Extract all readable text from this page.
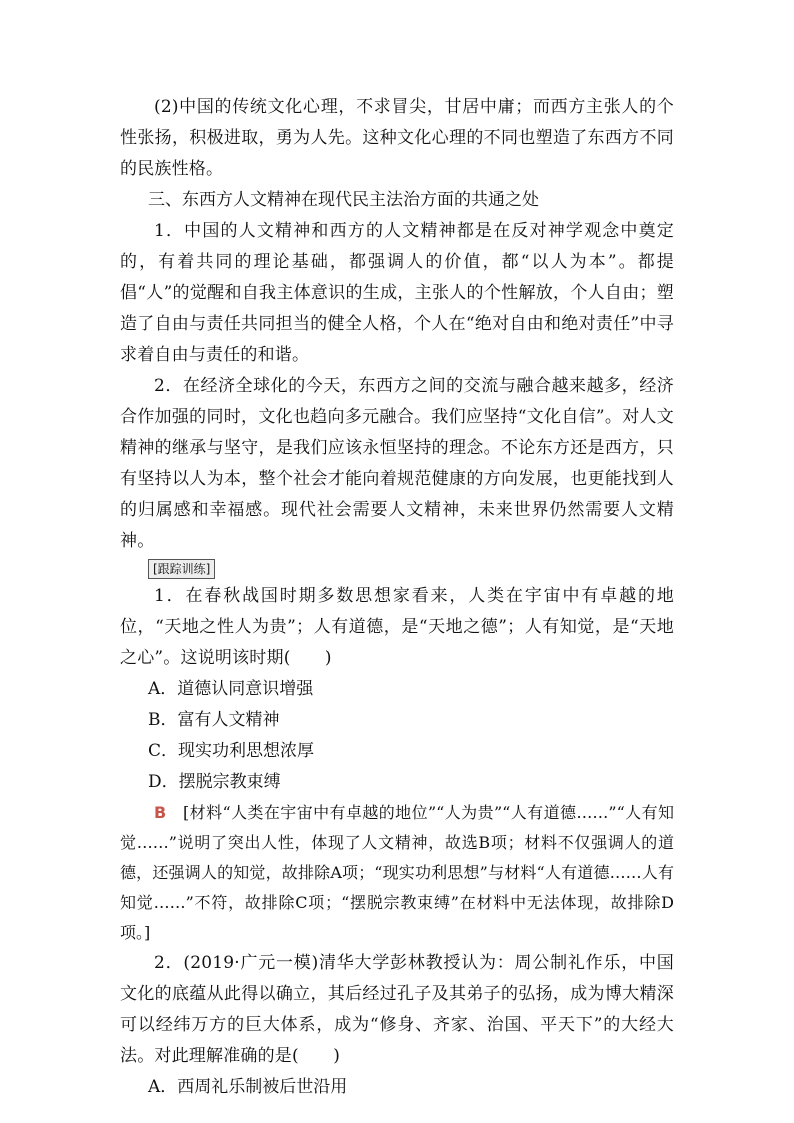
(2)中国的传统文化心理，不求冒尖，甘居中庸；而西方主张人的个性张扬，积极进取，勇为人先。这种文化心理的不同也塑造了东西方不同的民族性格。

三、东西方人文精神在现代民主法治方面的共通之处

1．中国的人文精神和西方的人文精神都是在反对神学观念中奠定的，有着共同的理论基础，都强调人的价值，都“以人为本”。都提倡“人”的觉醒和自我主体意识的生成，主张人的个性解放，个人自由；塑造了自由与责任共同担当的健全人格，个人在“绝对自由和绝对责任”中寻求着自由与责任的和谐。

2．在经济全球化的今天，东西方之间的交流与融合越来越多，经济合作加强的同时，文化也趋向多元融合。我们应坚持“文化自信”。对人文精神的继承与坚守，是我们应该永恒坚持的理念。不论东方还是西方，只有坚持以人为本，整个社会才能向着规范健康的方向发展，也更能找到人的归属感和幸福感。现代社会需要人文精神，未来世界仍然需要人文精神。

[跟踪训练]

1．在春秋战国时期多数思想家看来，人类在宇宙中有卓越的地位，“天地之性人为贵”；人有道德，是“天地之德”；人有知觉，是“天地之心”。这说明该时期(　　)

A．道德认同意识增强

B．富有人文精神

C．现实功利思想浓厚

D．摆脱宗教束缚

B　[材料“人类在宇宙中有卓越的地位”“人为贵”“人有道德……”“人有知觉……”说明了突出人性，体现了人文精神，故选B项；材料不仅强调人的道德，还强调人的知觉，故排除A项；“现实功利思想”与材料“人有道德……人有知觉……”不符，故排除C项；“摆脱宗教束缚”在材料中无法体现，故排除D项。]

2．(2019·广元一模)清华大学彭林教授认为：周公制礼作乐，中国文化的底蕴从此得以确立，其后经过孔子及其弟子的弘扬，成为博大精深可以经纬万方的巨大体系，成为“修身、齐家、治国、平天下”的大经大法。对此理解准确的是(　　)

A．西周礼乐制被后世沿用
